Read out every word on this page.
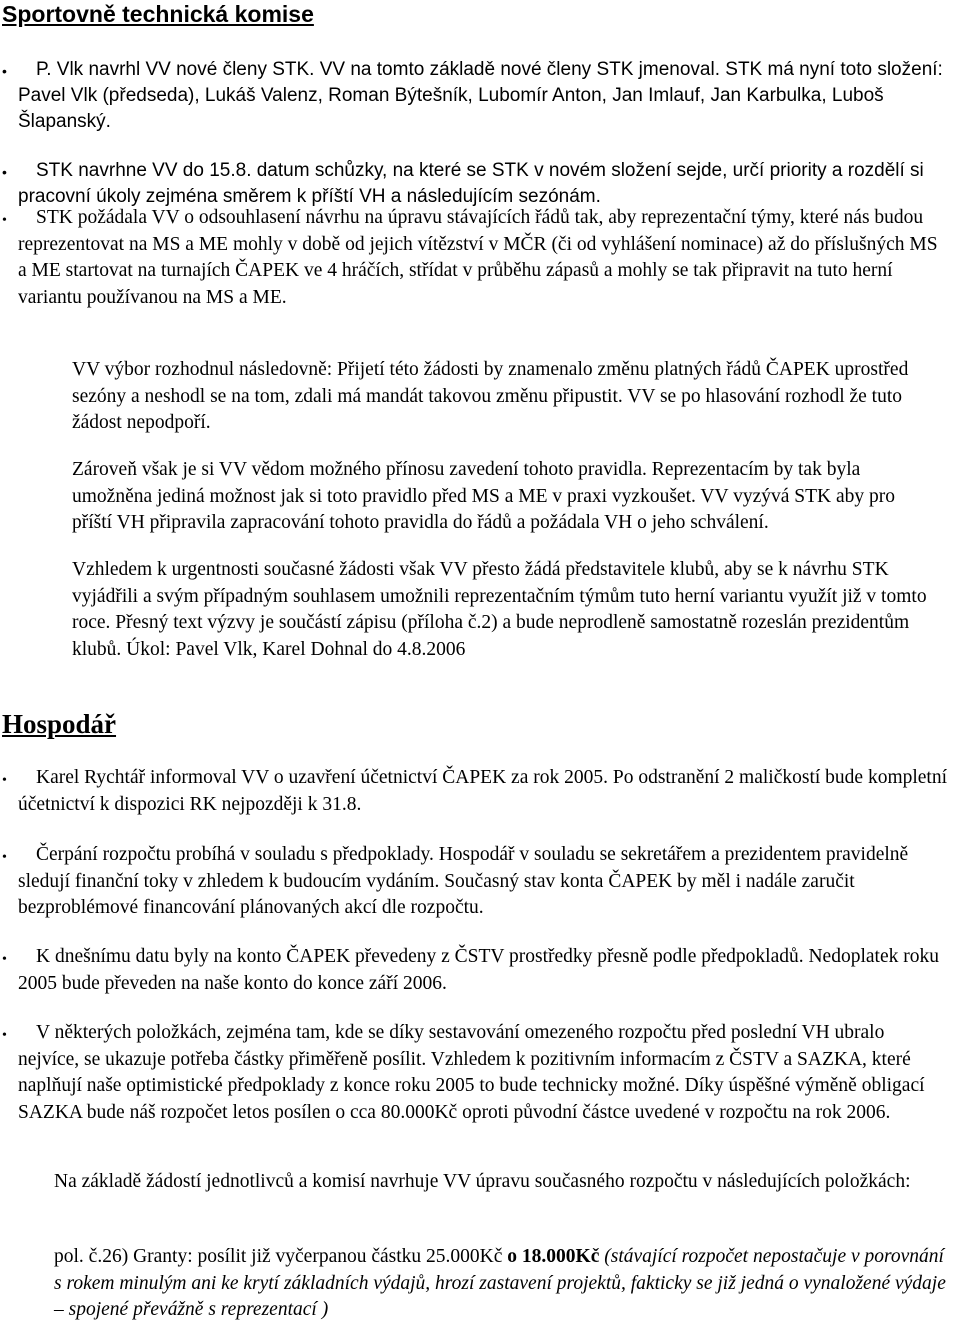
Sportovně technická komise
•	P. Vlk navrhl VV nové členy STK. VV na tomto základě nové členy STK jmenoval. STK má nyní toto složení: Pavel Vlk (předseda), Lukáš Valenz, Roman Býtešník, Lubomír Anton, Jan Imlauf, Jan Karbulka, Luboš Šlapanský.

•	STK navrhne VV do 15.8. datum schůzky, na které se STK v novém složení sejde, určí priority a rozdělí si pracovní úkoly zejména směrem k příští VH a následujícím sezónám.

•	STK požádala VV o odsouhlasení návrhu na úpravu stávajících řádů tak, aby reprezentační týmy, které nás budou reprezentovat na MS a ME mohly v době od jejich vítězství v MČR (či od vyhlášení nominace) až do příslušných MS a ME startovat na turnajích ČAPEK ve 4 hráčích, střídat v průběhu zápasů a mohly se tak připravit na tuto herní variantu používanou na MS a ME.

VV výbor rozhodnul následovně: Přijetí této žádosti by znamenalo změnu platných řádů ČAPEK uprostřed sezóny a neshodl se na tom, zdali má mandát takovou změnu připustit. VV se po hlasování rozhodl že tuto žádost nepodpoří.

Zároveň však je si VV vědom možného přínosu zavedení tohoto pravidla. Reprezentacím by tak byla umožněna jediná možnost jak si toto pravidlo před MS a ME v praxi vyzkoušet. VV vyzývá STK aby pro příští VH připravila zapracování tohoto pravidla do řádů a požádala VH o jeho schválení.

Vzhledem k urgentnosti současné žádosti však VV přesto žádá představitele klubů, aby se k návrhu STK vyjádřili a svým případným souhlasem umožnili reprezentačním týmům tuto herní variantu využít již v tomto roce. Přesný text výzvy je součástí zápisu (příloha č.2) a bude neprodleně samostatně rozeslán prezidentům klubů. Úkol: Pavel Vlk, Karel Dohnal do 4.8.2006

Hospodář
•	Karel Rychtář informoval VV o uzavření účetnictví ČAPEK za rok 2005. Po odstranění 2 maličkostí bude kompletní účetnictví k dispozici RK nejpozději k 31.8.

•	Čerpání rozpočtu probíhá v souladu s předpoklady. Hospodář v souladu se sekretářem a prezidentem pravidelně sledují finanční toky v zhledem k budoucím vydáním. Současný stav konta ČAPEK by měl i nadále zaručit bezproblémové financování plánovaných akcí dle rozpočtu.

•	K dnešnímu datu byly na konto ČAPEK převedeny z ČSTV prostředky přesně podle předpokladů. Nedoplatek roku 2005 bude převeden na naše konto do konce září 2006.

•	V některých položkách, zejména tam, kde se díky sestavování omezeného rozpočtu před poslední VH ubralo nejvíce, se ukazuje potřeba částky přiměřeně posílit. Vzhledem k pozitivním informacím z ČSTV a SAZKA, které naplňují naše optimistické předpoklady z konce roku 2005 to bude technicky možné. Díky úspěšné výměně obligací SAZKA bude náš rozpočet letos posílen o cca 80.000Kč oproti původní částce uvedené v rozpočtu na rok 2006.

Na základě žádostí jednotlivců a komisí navrhuje VV úpravu současného rozpočtu v následujících položkách:

pol. č.26) Granty: posílit již vyčerpanou částku 25.000Kč o 18.000Kč (stávající rozpočet nepostačuje v porovnání s rokem minulým ani ke krytí základních výdajů, hrozí zastavení projektů, fakticky se již jedná o vynaložené výdaje – spojené převážně s reprezentací )
